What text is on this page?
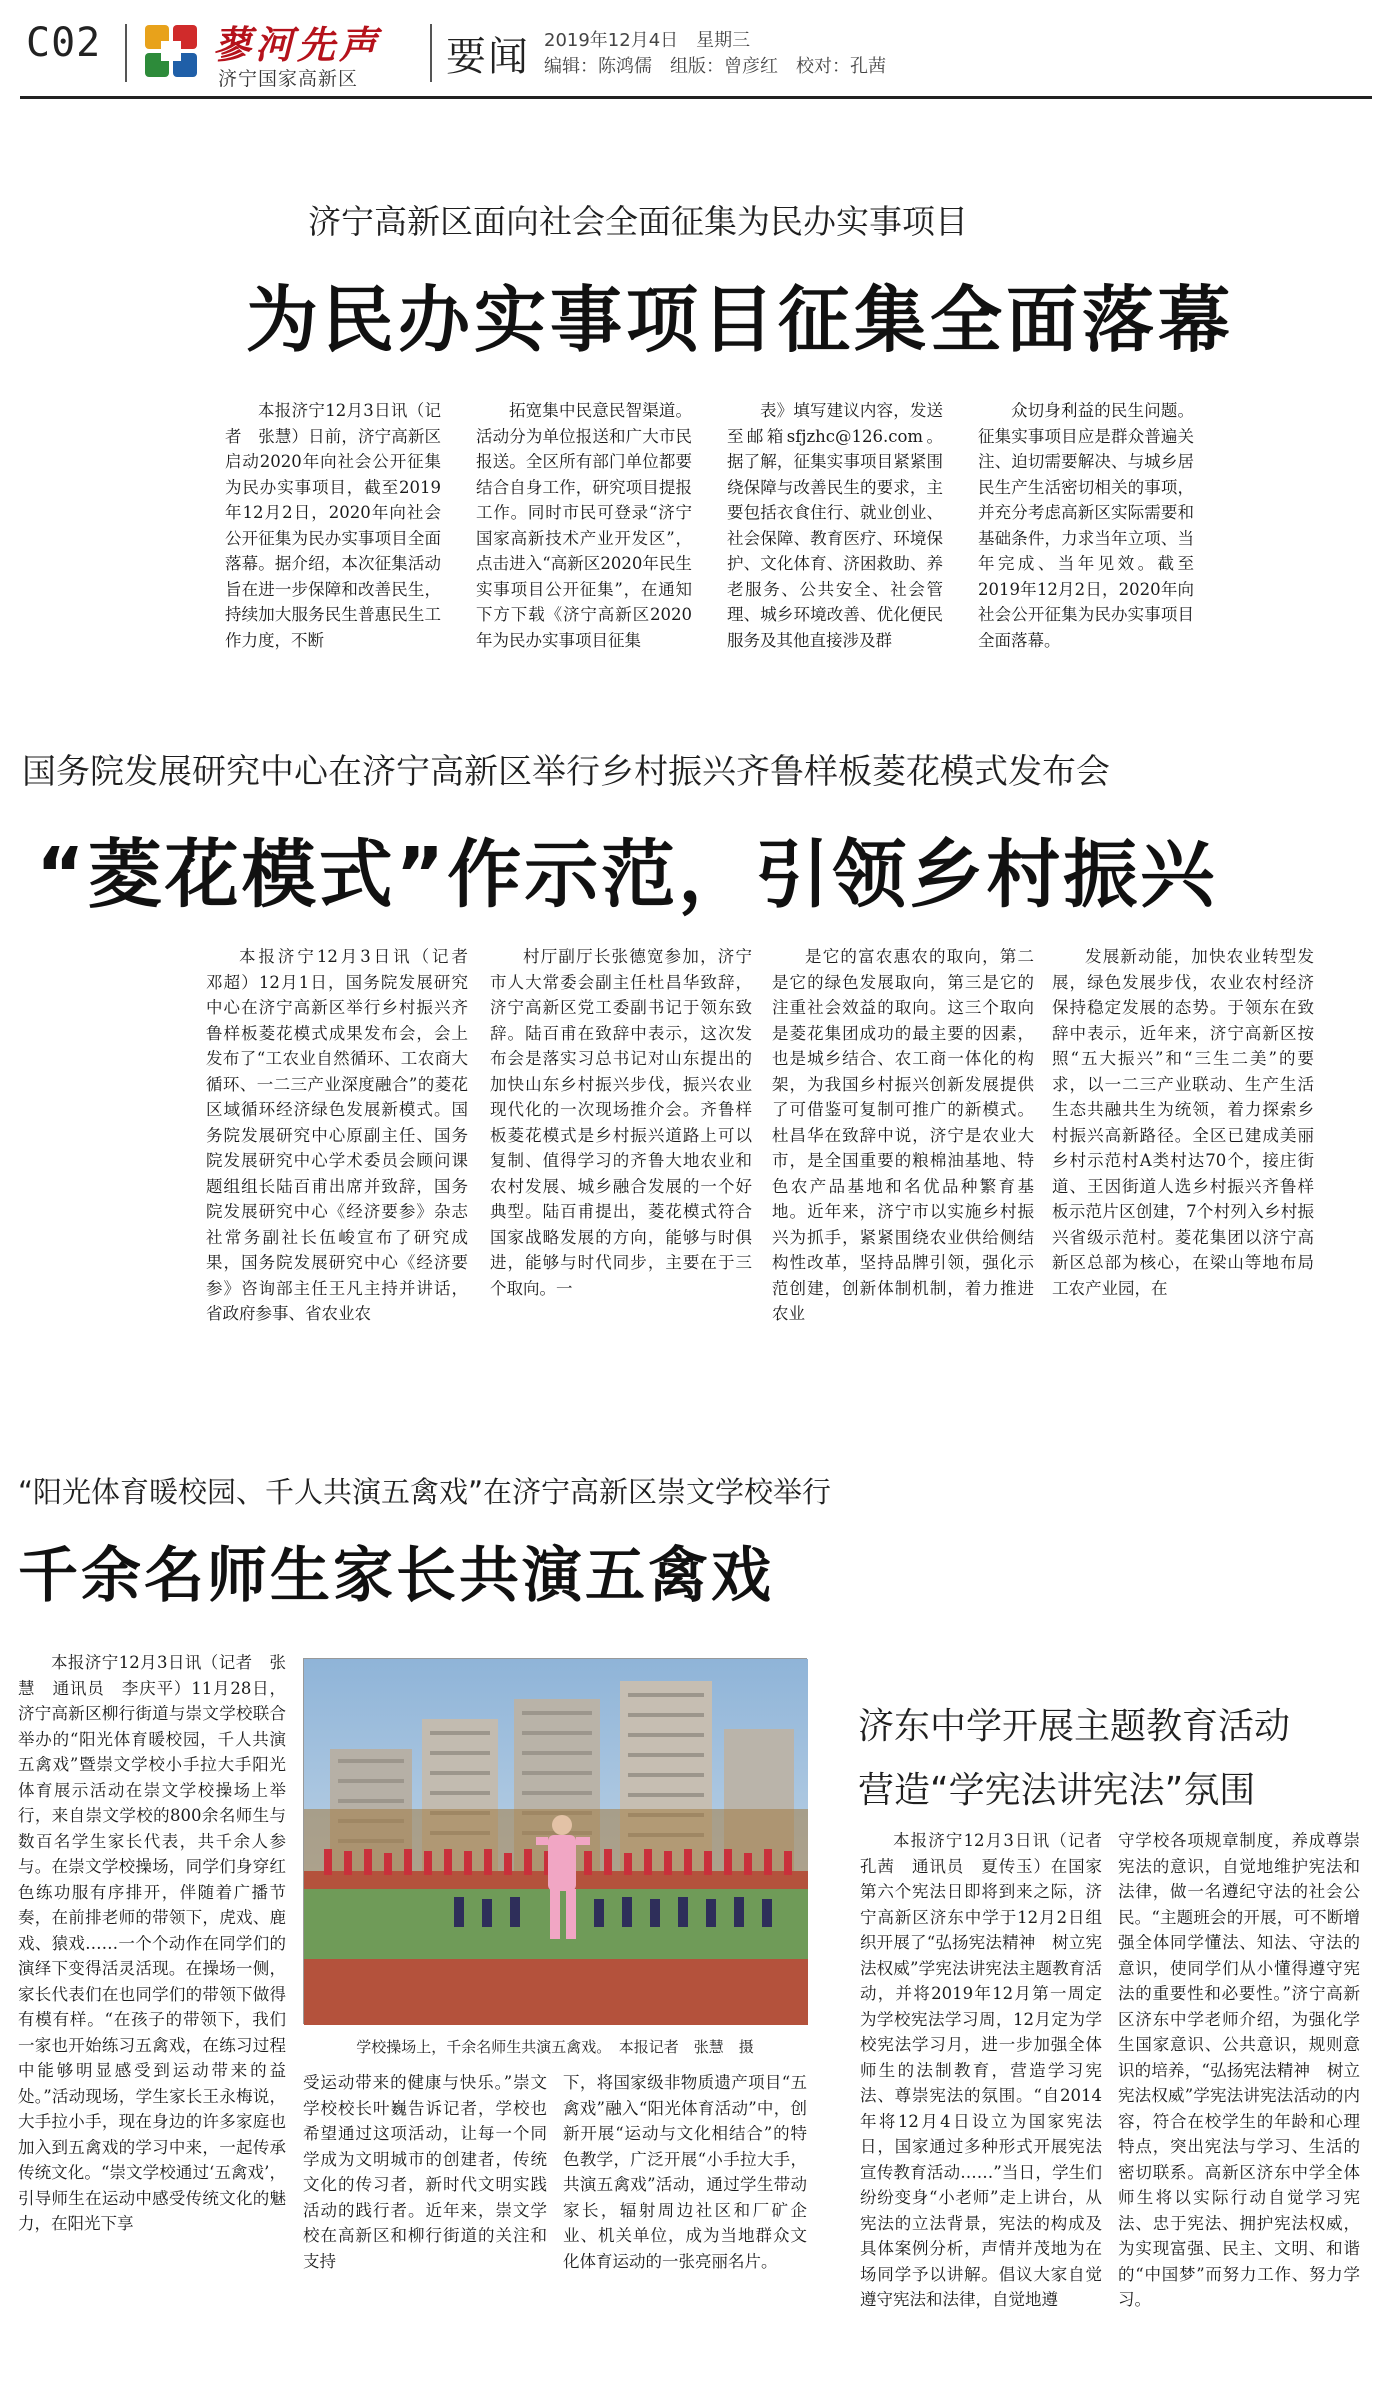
C02	蓼河先声
济宁国家高新区 要闻 2019年12月4日　星期三
编辑：陈鸿儒　组版：曾彦红　校对：孔茜
济宁高新区面向社会全面征集为民办实事项目
为民办实事项目征集全面落幕

本报济宁12月3日讯（记者　张慧）日前，济宁高新区启动2020年向社会公开征集为民办实事项目，截至2019年12月2日，2020年向社会公开征集为民办实事项目全面落幕。据介绍，本次征集活动旨在进一步保障和改善民生，持续加大服务民生普惠民生工作力度，不断

拓宽集中民意民智渠道。活动分为单位报送和广大市民报送。全区所有部门单位都要结合自身工作，研究项目提报工作。同时市民可登录“济宁国家高新技术产业开发区”，点击进入“高新区2020年民生实事项目公开征集”，在通知下方下载《济宁高新区2020年为民办实事项目征集

表》填写建议内容，发送至邮箱sfjzhc@126.com。据了解，征集实事项目紧紧围绕保障与改善民生的要求，主要包括衣食住行、就业创业、社会保障、教育医疗、环境保护、文化体育、济困救助、养老服务、公共安全、社会管理、城乡环境改善、优化便民服务及其他直接涉及群

众切身利益的民生问题。征集实事项目应是群众普遍关注、迫切需要解决、与城乡居民生产生活密切相关的事项，并充分考虑高新区实际需要和基础条件，力求当年立项、当年完成、当年见效。截至2019年12月2日，2020年向社会公开征集为民办实事项目全面落幕。

国务院发展研究中心在济宁高新区举行乡村振兴齐鲁样板菱花模式发布会
“菱花模式”作示范，引领乡村振兴

本报济宁12月3日讯（记者　邓超）12月1日，国务院发展研究中心在济宁高新区举行乡村振兴齐鲁样板菱花模式成果发布会，会上发布了“工农业自然循环、工农商大循环、一二三产业深度融合”的菱花区域循环经济绿色发展新模式。国务院发展研究中心原副主任、国务院发展研究中心学术委员会顾问课题组组长陆百甫出席并致辞，国务院发展研究中心《经济要参》杂志社常务副社长伍峻宣布了研究成果，国务院发展研究中心《经济要参》咨询部主任王凡主持并讲话，省政府参事、省农业农

村厅副厅长张德宽参加，济宁市人大常委会副主任杜昌华致辞，济宁高新区党工委副书记于领东致辞。陆百甫在致辞中表示，这次发布会是落实习总书记对山东提出的加快山东乡村振兴步伐，振兴农业现代化的一次现场推介会。齐鲁样板菱花模式是乡村振兴道路上可以复制、值得学习的齐鲁大地农业和农村发展、城乡融合发展的一个好典型。陆百甫提出，菱花模式符合国家战略发展的方向，能够与时俱进，能够与时代同步，主要在于三个取向。一

是它的富农惠农的取向，第二是它的绿色发展取向，第三是它的注重社会效益的取向。这三个取向是菱花集团成功的最主要的因素，也是城乡结合、农工商一体化的构架，为我国乡村振兴创新发展提供了可借鉴可复制可推广的新模式。杜昌华在致辞中说，济宁是农业大市，是全国重要的粮棉油基地、特色农产品基地和名优品种繁育基地。近年来，济宁市以实施乡村振兴为抓手，紧紧围绕农业供给侧结构性改革，坚持品牌引领，强化示范创建，创新体制机制，着力推进农业

发展新动能，加快农业转型发展，绿色发展步伐，农业农村经济保持稳定发展的态势。于领东在致辞中表示，近年来，济宁高新区按照“五大振兴”和“三生二美”的要求，以一二三产业联动、生产生活生态共融共生为统领，着力探索乡村振兴高新路径。全区已建成美丽乡村示范村A类村达70个，接庄街道、王因街道人选乡村振兴齐鲁样板示范片区创建，7个村列入乡村振兴省级示范村。菱花集团以济宁高新区总部为核心，在梁山等地布局工农产业园，在

“阳光体育暖校园、千人共演五禽戏”在济宁高新区崇文学校举行
千余名师生家长共演五禽戏

本报济宁12月3日讯（记者　张慧　通讯员　李庆平）11月28日，济宁高新区柳行街道与崇文学校联合举办的“阳光体育暖校园，千人共演五禽戏”暨崇文学校小手拉大手阳光体育展示活动在崇文学校操场上举行，来自崇文学校的800余名师生与数百名学生家长代表，共千余人参与。在崇文学校操场，同学们身穿红色练功服有序排开，伴随着广播节奏，在前排老师的带领下，虎戏、鹿戏、猿戏……一个个动作在同学们的演绎下变得活灵活现。在操场一侧，家长代表们在也同学们的带领下做得有模有样。“在孩子的带领下，我们一家也开始练习五禽戏，在练习过程中能够明显感受到运动带来的益处。”活动现场，学生家长王永梅说，大手拉小手，现在身边的许多家庭也加入到五禽戏的学习中来，一起传承传统文化。“崇文学校通过‘五禽戏’，引导师生在运动中感受传统文化的魅力，在阳光下享

学校操场上，千余名师生共演五禽戏。　本报记者　张慧　摄

受运动带来的健康与快乐。”崇文学校校长叶巍告诉记者，学校也希望通过这项活动，让每一个同学成为文明城市的创建者，传统文化的传习者，新时代文明实践活动的践行者。近年来，崇文学校在高新区和柳行街道的关注和支持

下，将国家级非物质遗产项目“五禽戏”融入“阳光体育活动”中，创新开展“运动与文化相结合”的特色教学，广泛开展“小手拉大手，共演五禽戏”活动，通过学生带动家长，辐射周边社区和厂矿企业、机关单位，成为当地群众文化体育运动的一张亮丽名片。

济东中学开展主题教育活动
营造“学宪法讲宪法”氛围

本报济宁12月3日讯（记者　孔茜　通讯员　夏传玉）在国家第六个宪法日即将到来之际，济宁高新区济东中学于12月2日组织开展了“弘扬宪法精神　树立宪法权威”学宪法讲宪法主题教育活动，并将2019年12月第一周定为学校宪法学习周，12月定为学校宪法学习月，进一步加强全体师生的法制教育，营造学习宪法、尊崇宪法的氛围。“自2014年将12月4日设立为国家宪法日，国家通过多种形式开展宪法宣传教育活动……”当日，学生们纷纷变身“小老师”走上讲台，从宪法的立法背景，宪法的构成及具体案例分析，声情并茂地为在场同学予以讲解。倡议大家自觉遵守宪法和法律，自觉地遵

守学校各项规章制度，养成尊崇宪法的意识，自觉地维护宪法和法律，做一名遵纪守法的社会公民。“主题班会的开展，可不断增强全体同学懂法、知法、守法的意识，使同学们从小懂得遵守宪法的重要性和必要性。”济宁高新区济东中学老师介绍，为强化学生国家意识、公共意识，规则意识的培养，“弘扬宪法精神　树立宪法权威”学宪法讲宪法活动的内容，符合在校学生的年龄和心理特点，突出宪法与学习、生活的密切联系。高新区济东中学全体师生将以实际行动自觉学习宪法、忠于宪法、拥护宪法权威，为实现富强、民主、文明、和谐的“中国梦”而努力工作、努力学习。
